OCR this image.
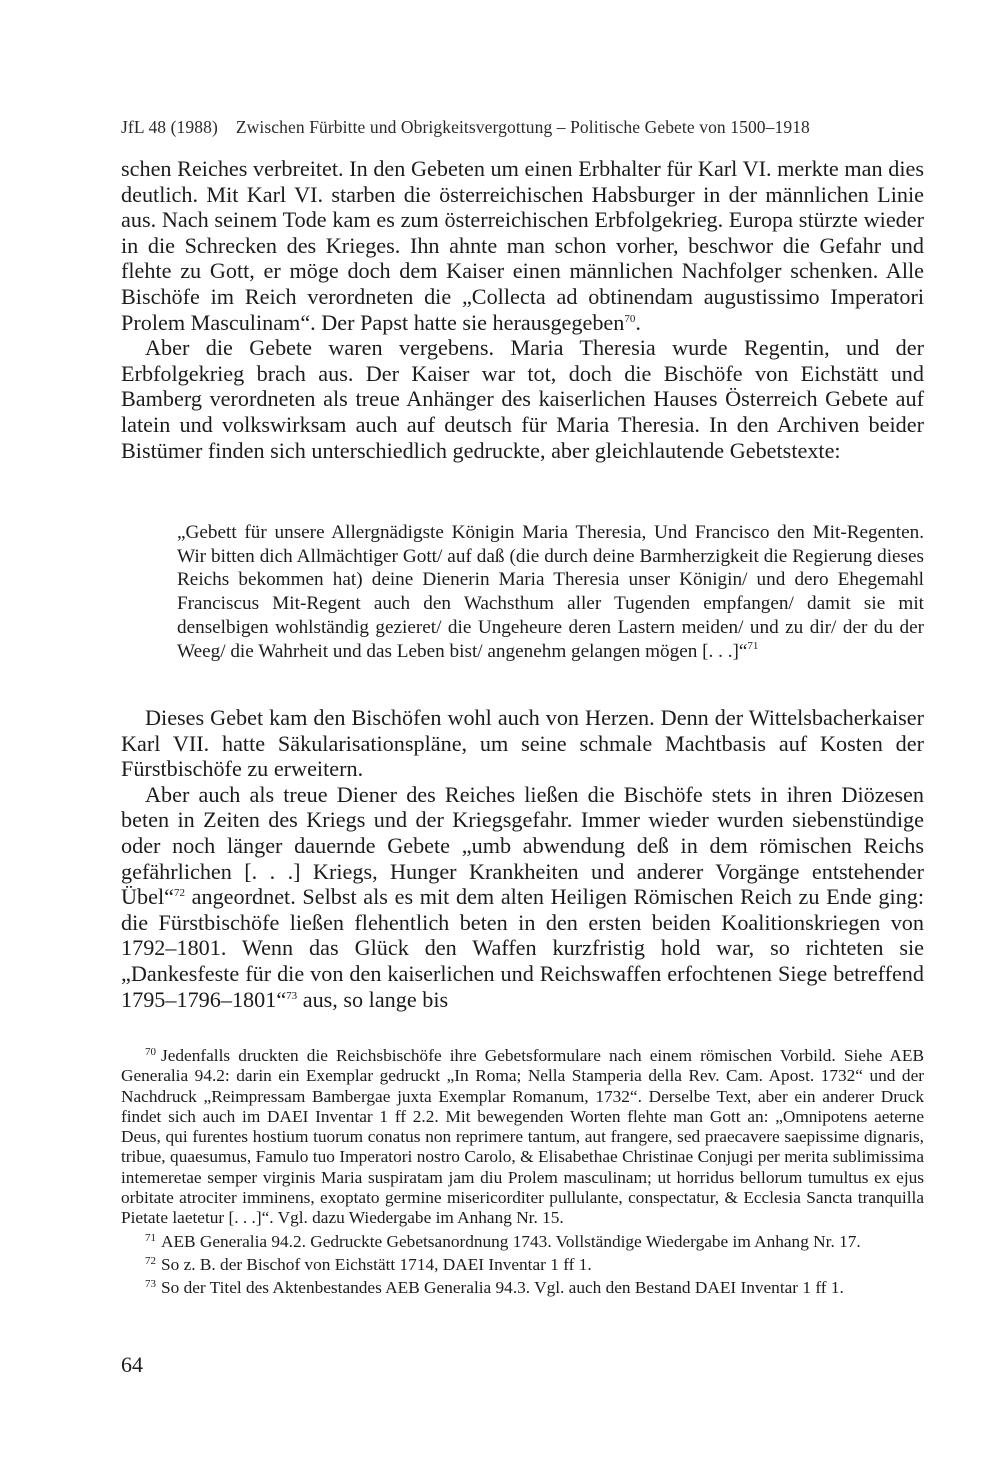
JfL 48 (1988) Zwischen Fürbitte und Obrigkeitsvergottung – Politische Gebete von 1500–1918

schen Reiches verbreitet. In den Gebeten um einen Erbhalter für Karl VI. merkte man dies deutlich. Mit Karl VI. starben die österreichischen Habsburger in der männlichen Linie aus. Nach seinem Tode kam es zum österreichischen Erbfolgekrieg. Europa stürzte wieder in die Schrecken des Krieges. Ihn ahnte man schon vorher, beschwor die Gefahr und flehte zu Gott, er möge doch dem Kaiser einen männlichen Nachfolger schenken. Alle Bischöfe im Reich verordneten die „Collecta ad obtinendam augustissimo Imperatori Prolem Masculinam“. Der Papst hatte sie herausgegeben$^{70}$.

Aber die Gebete waren vergebens. Maria Theresia wurde Regentin, und der Erbfolgekrieg brach aus. Der Kaiser war tot, doch die Bischöfe von Eichstätt und Bamberg verordneten als treue Anhänger des kaiserlichen Hauses Österreich Gebete auf latein und volkswirksam auch auf deutsch für Maria Theresia. In den Archiven beider Bistümer finden sich unterschiedlich gedruckte, aber gleichlautende Gebetstexte:

„Gebett für unsere Allergnädigste Königin Maria Theresia, Und Francisco den Mit-Regenten. Wir bitten dich Allmächtiger Gott/ auf daß (die durch deine Barmherzigkeit die Regierung dieses Reichs bekommen hat) deine Dienerin Maria Theresia unser Königin/ und dero Ehegemahl Franciscus Mit-Regent auch den Wachsthum aller Tugenden empfangen/ damit sie mit denselbigen wohlständig gezieret/ die Ungeheure deren Lastern meiden/ und zu dir/ der du der Weeg/ die Wahrheit und das Leben bist/ angenehm gelangen mögen [. . .]“$^{71}$

Dieses Gebet kam den Bischöfen wohl auch von Herzen. Denn der Wittelsbacherkaiser Karl VII. hatte Säkularisationspläne, um seine schmale Machtbasis auf Kosten der Fürstbischöfe zu erweitern.

Aber auch als treue Diener des Reiches ließen die Bischöfe stets in ihren Diözesen beten in Zeiten des Kriegs und der Kriegsgefahr. Immer wieder wurden siebenstündige oder noch länger dauernde Gebete „umb abwendung deß in dem römischen Reichs gefährlichen [. . .] Kriegs, Hunger Krankheiten und anderer Vorgänge entstehender Übel“$^{72}$ angeordnet. Selbst als es mit dem alten Heiligen Römischen Reich zu Ende ging: die Fürstbischöfe ließen flehentlich beten in den ersten beiden Koalitionskriegen von 1792–1801. Wenn das Glück den Waffen kurzfristig hold war, so richteten sie „Dankesfeste für die von den kaiserlichen und Reichswaffen erfochtenen Siege betreffend 1795–1796–1801“$^{73}$ aus, so lange bis

$^{70}$ Jedenfalls druckten die Reichsbischöfe ihre Gebetsformulare nach einem römischen Vorbild. Siehe AEB Generalia 94.2: darin ein Exemplar gedruckt „In Roma; Nella Stamperia della Rev. Cam. Apost. 1732“ und der Nachdruck „Reimpressam Bambergae juxta Exemplar Romanum, 1732“. Derselbe Text, aber ein anderer Druck findet sich auch im DAEI Inventar 1 ff 2.2. Mit bewegenden Worten flehte man Gott an: „Omnipotens aeterne Deus, qui furentes hostium tuorum conatus non reprimere tantum, aut frangere, sed praecavere saepissime dignaris, tribue, quaesumus, Famulo tuo Imperatori nostro Carolo, & Elisabethae Christinae Conjugi per merita sublimissima intemeretae semper virginis Maria suspiratam jam diu Prolem masculinam; ut horridus bellorum tumultus ex ejus orbitate atrociter imminens, exoptato germine misericorditer pullulante, conspectatur, & Ecclesia Sancta tranquilla Pietate laetetur [. . .]“. Vgl. dazu Wiedergabe im Anhang Nr. 15.

$^{71}$ AEB Generalia 94.2. Gedruckte Gebetsanordnung 1743. Vollständige Wiedergabe im Anhang Nr. 17.

$^{72}$ So z. B. der Bischof von Eichstätt 1714, DAEI Inventar 1 ff 1.

$^{73}$ So der Titel des Aktenbestandes AEB Generalia 94.3. Vgl. auch den Bestand DAEI Inventar 1 ff 1.

64
